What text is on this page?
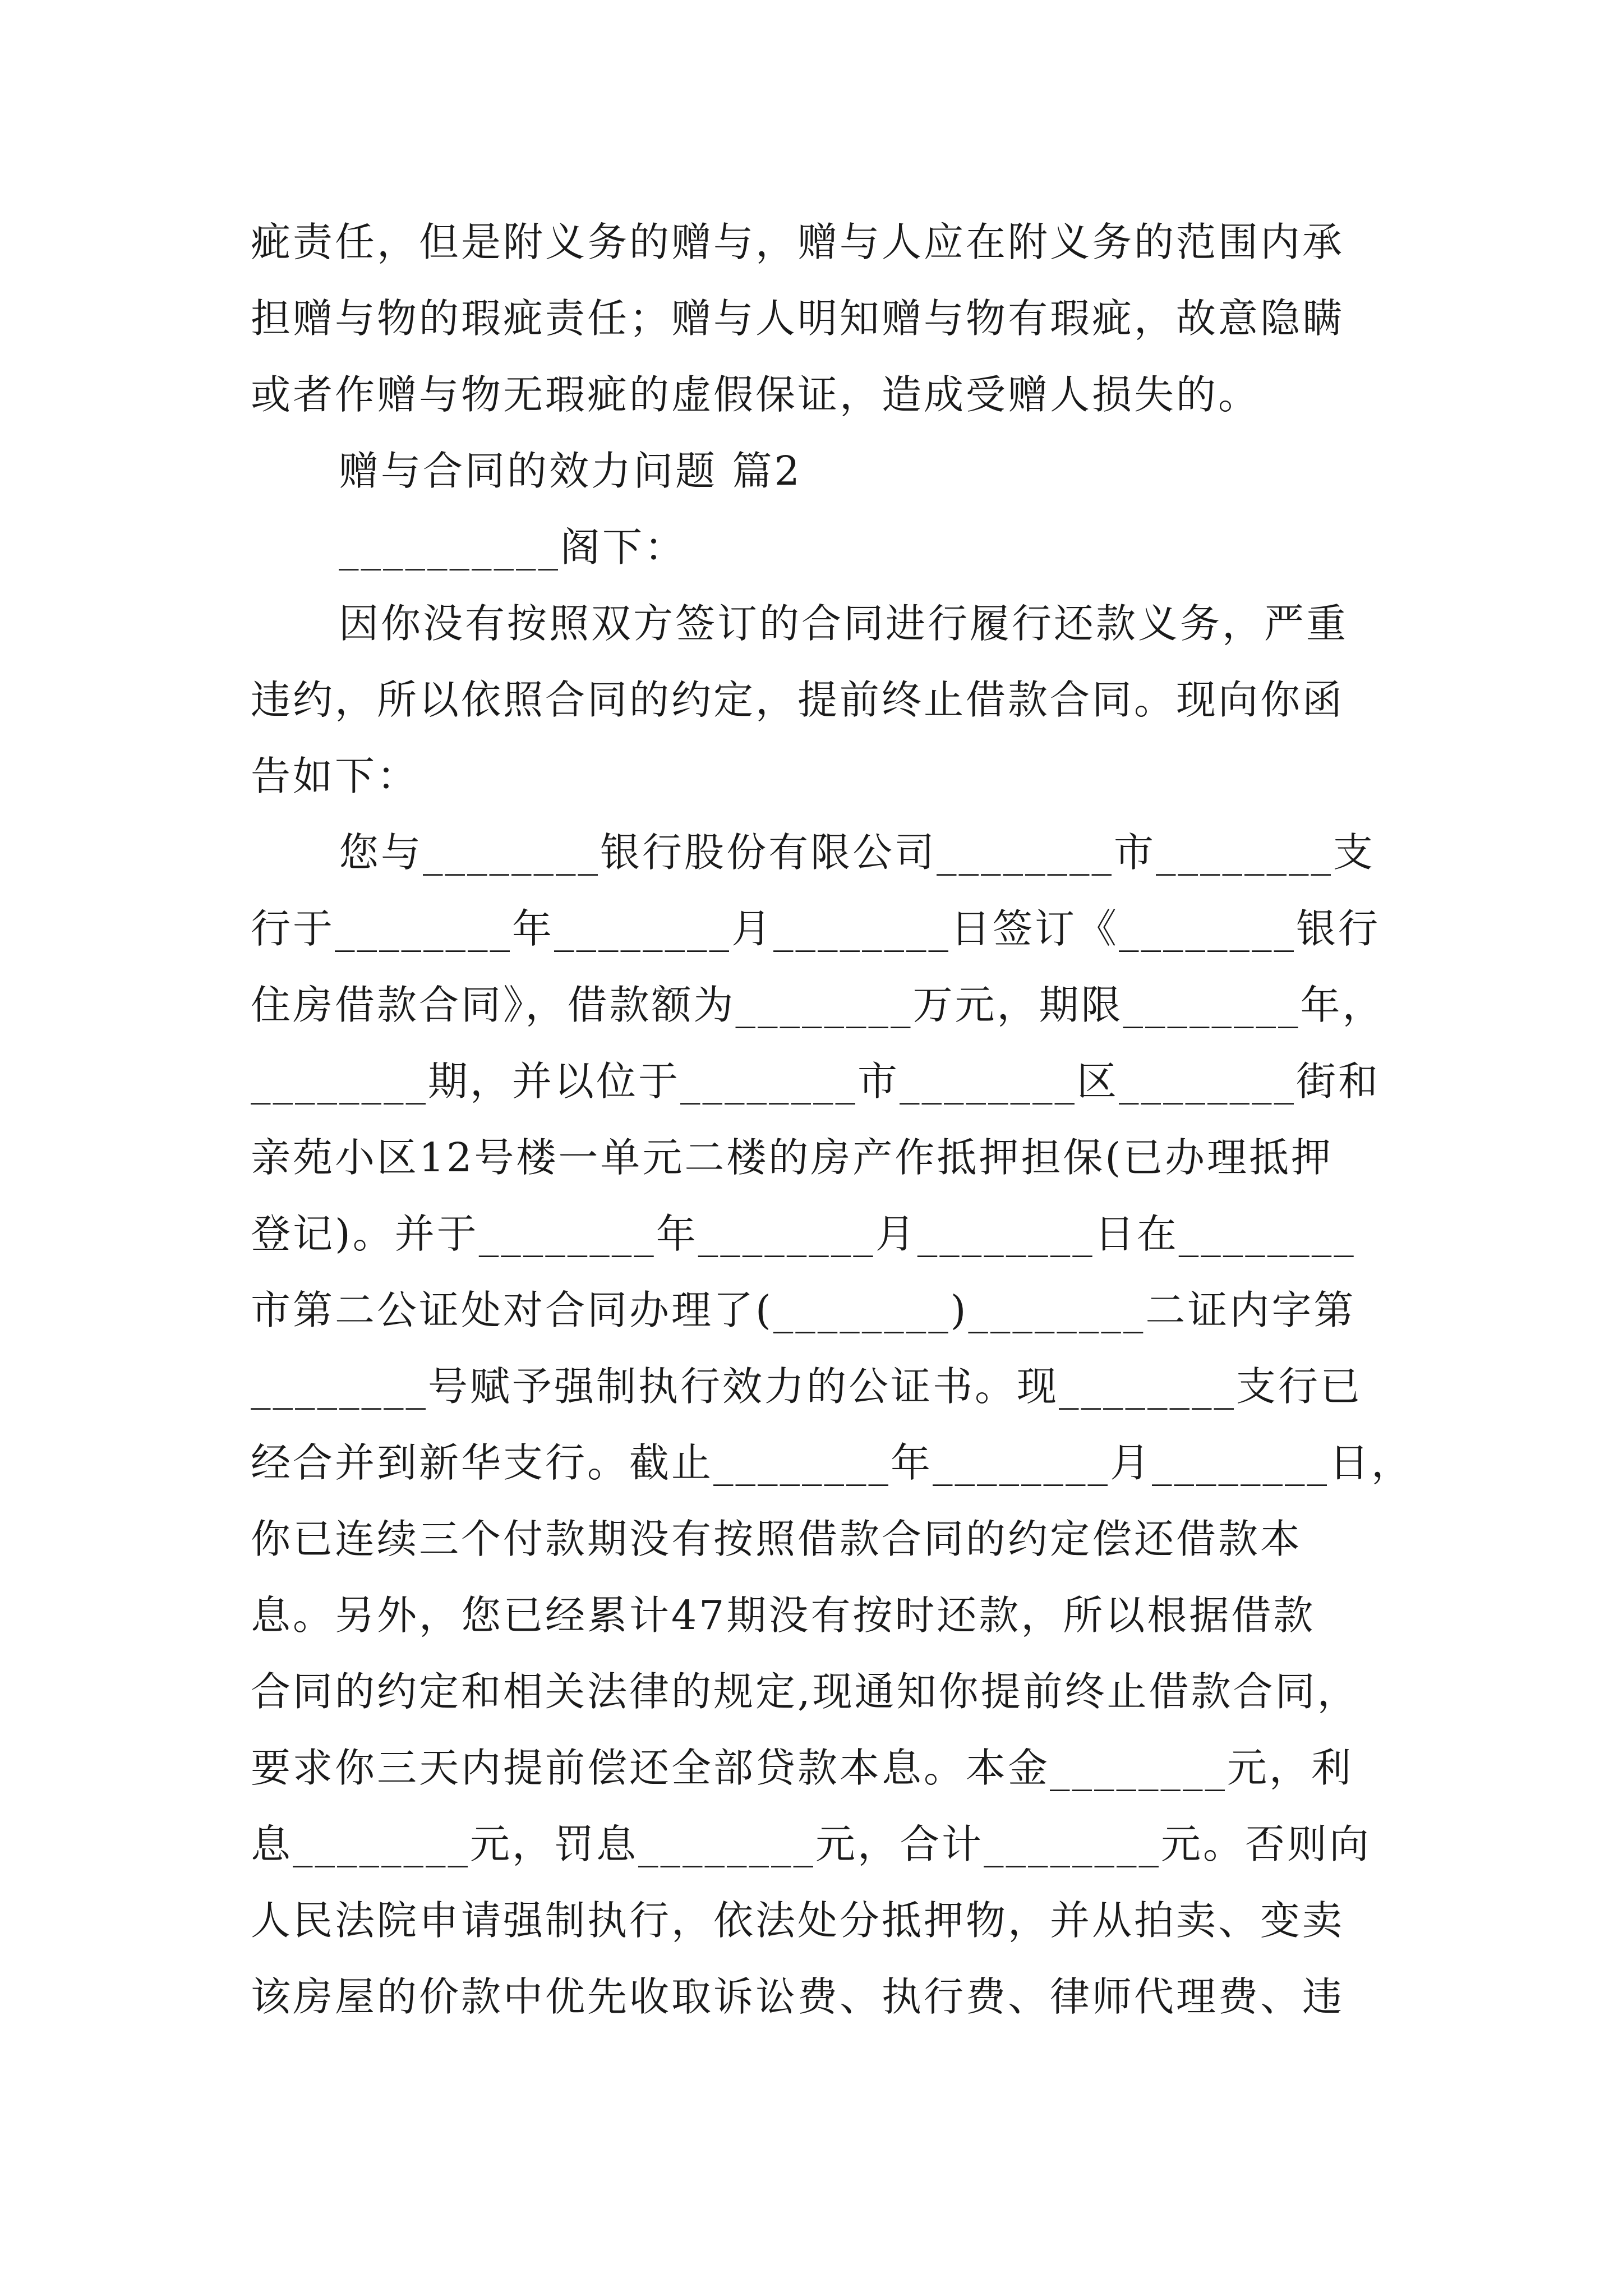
疵责任，但是附义务的赠与，赠与人应在附义务的范围内承
担赠与物的瑕疵责任；赠与人明知赠与物有瑕疵，故意隐瞒
或者作赠与物无瑕疵的虚假保证，造成受赠人损失的。
赠与合同的效力问题 篇2
__________阁下：
因你没有按照双方签订的合同进行履行还款义务，严重
违约，所以依照合同的约定，提前终止借款合同。现向你函
告如下：
您与________银行股份有限公司________市________支
行于________年________月________日签订《________银行
住房借款合同》，借款额为________万元，期限________年，
________期，并以位于________市________区________街和
亲苑小区12号楼一单元二楼的房产作抵押担保(已办理抵押
登记)。并于________年________月________日在________
市第二公证处对合同办理了(________)________二证内字第
________号赋予强制执行效力的公证书。现________支行已
经合并到新华支行。截止________年________月________日，
你已连续三个付款期没有按照借款合同的约定偿还借款本
息。另外，您已经累计47期没有按时还款，所以根据借款
合同的约定和相关法律的规定,现通知你提前终止借款合同，
要求你三天内提前偿还全部贷款本息。本金________元，利
息________元，罚息________元，合计________元。否则向
人民法院申请强制执行，依法处分抵押物，并从拍卖、变卖
该房屋的价款中优先收取诉讼费、执行费、律师代理费、违
